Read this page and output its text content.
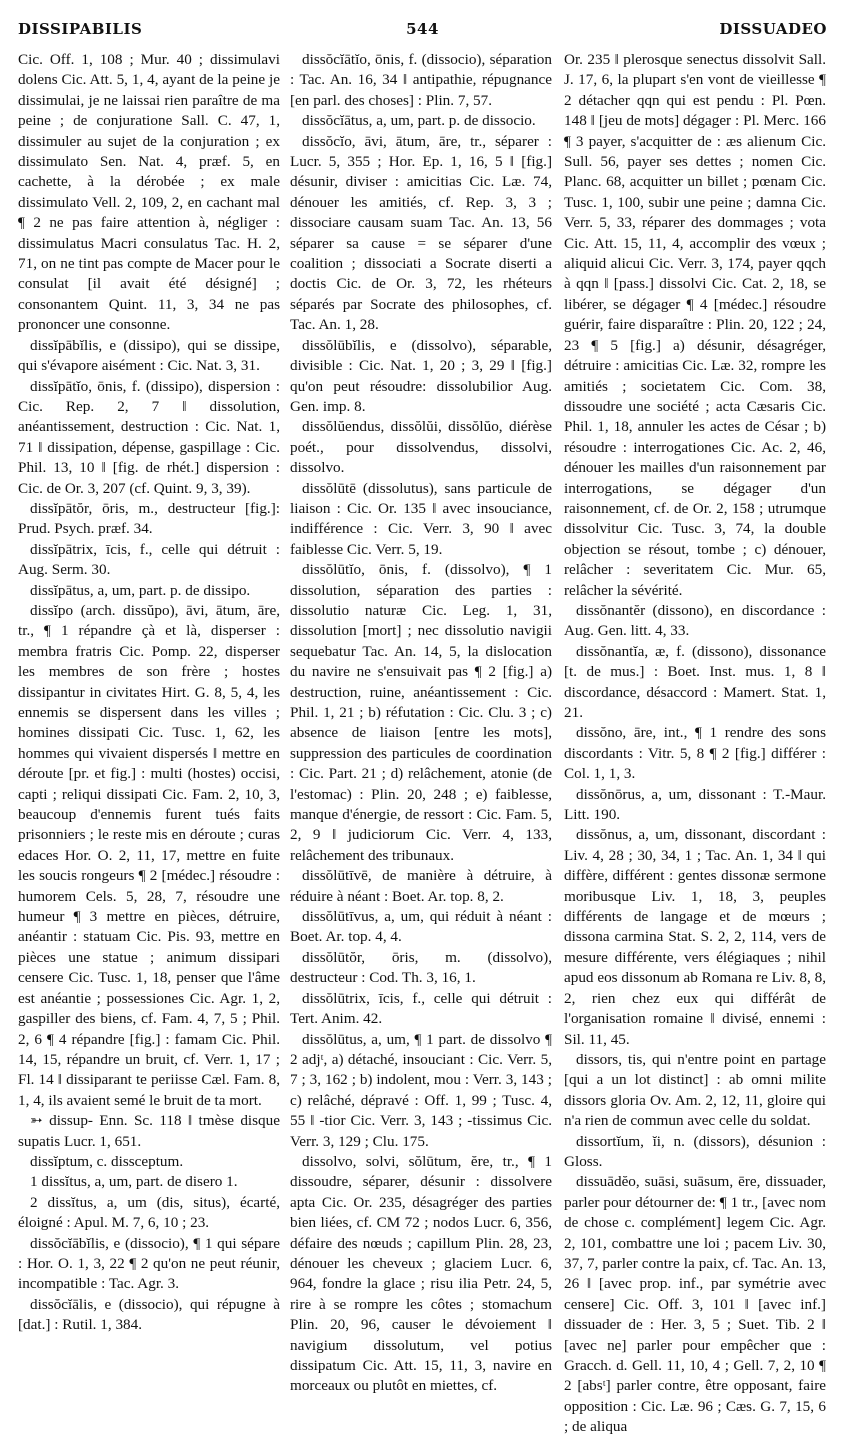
DISSIPABILIS	544	DISSUADEO

Cic. Off. 1, 108 ; Mur. 40 ; dissimulavi dolens Cic. Att. 5, 1, 4, ayant de la peine je dissimulai, je ne laissai rien paraître de ma peine ; de conjuratione Sall. C. 47, 1, dissimuler au sujet de la conjuration ; ex dissimulato Sen. Nat. 4, præf. 5, en cachette, à la dérobée ; ex male dissimulato Vell. 2, 109, 2, en cachant mal ¶ 2 ne pas faire attention à, négliger : dissimulatus Macri consulatus Tac. H. 2, 71, on ne tint pas compte de Macer pour le consulat [il avait été désigné] ; consonantem Quint. 11, 3, 34 ne pas prononcer une consonne.

dissĭpābĭlis, e (dissipo), qui se dissipe, qui s'évapore aisément : Cic. Nat. 3, 31.

dissĭpātĭo, ōnis, f. (dissipo), dispersion : Cic. Rep. 2, 7 ‖ dissolution, anéantissement, destruction : Cic. Nat. 1, 71 ‖ dissipation, dépense, gaspillage : Cic. Phil. 13, 10 ‖ [fig. de rhét.] dispersion : Cic. de Or. 3, 207 (cf. Quint. 9, 3, 39).

dissĭpātŏr, ōris, m., destructeur [fig.]: Prud. Psych. præf. 34.

dissĭpātrix, īcis, f., celle qui détruit : Aug. Serm. 30.

dissĭpātus, a, um, part. p. de dissipo.

dissĭpo (arch. dissŭpo), āvi, ātum, āre, tr., ¶ 1 répandre çà et là, disperser : membra fratris Cic. Pomp. 22, disperser les membres de son frère ; hostes dissipantur in civitates Hirt. G. 8, 5, 4, les ennemis se dispersent dans les villes ; homines dissipati Cic. Tusc. 1, 62, les hommes qui vivaient dispersés ‖ mettre en déroute [pr. et fig.] : multi (hostes) occisi, capti ; reliqui dissipati Cic. Fam. 2, 10, 3, beaucoup d'ennemis furent tués faits prisonniers ; le reste mis en déroute ; curas edaces Hor. O. 2, 11, 17, mettre en fuite les soucis rongeurs ¶ 2 [médec.] résoudre : humorem Cels. 5, 28, 7, résoudre une humeur ¶ 3 mettre en pièces, détruire, anéantir : statuam Cic. Pis. 93, mettre en pièces une statue ; animum dissipari censere Cic. Tusc. 1, 18, penser que l'âme est anéantie ; possessiones Cic. Agr. 1, 2, gaspiller des biens, cf. Fam. 4, 7, 5 ; Phil. 2, 6 ¶ 4 répandre [fig.] : famam Cic. Phil. 14, 15, répandre un bruit, cf. Verr. 1, 17 ; Fl. 14 ‖ dissiparant te periisse Cæl. Fam. 8, 1, 4, ils avaient semé le bruit de ta mort.

➳ dissup- Enn. Sc. 118 ‖ tmèse disque supatis Lucr. 1, 651.

dissĭptum, c. dissceptum.

1 dissĭtus, a, um, part. de disero 1.

2 dissĭtus, a, um (dis, situs), écarté, éloigné : Apul. M. 7, 6, 10 ; 23.

dissŏcĭābĭlis, e (dissocio), ¶ 1 qui sépare : Hor. O. 1, 3, 22 ¶ 2 qu'on ne peut réunir, incompatible : Tac. Agr. 3.

dissŏcĭālis, e (dissocio), qui répugne à [dat.] : Rutil. 1, 384.

dissŏcĭātĭo, ōnis, f. (dissocio), séparation : Tac. An. 16, 34 ‖ antipathie, répugnance [en parl. des choses] : Plin. 7, 57.

dissŏcĭātus, a, um, part. p. de dissocio.

dissŏcĭo, āvi, ātum, āre, tr., séparer : Lucr. 5, 355 ; Hor. Ep. 1, 16, 5 ‖ [fig.] désunir, diviser : amicitias Cic. Læ. 74, dénouer les amitiés, cf. Rep. 3, 3 ; dissociare causam suam Tac. An. 13, 56 séparer sa cause = se séparer d'une coalition ; dissociati a Socrate diserti a doctis Cic. de Or. 3, 72, les rhéteurs séparés par Socrate des philosophes, cf. Tac. An. 1, 28.

dissŏlūbĭlis, e (dissolvo), séparable, divisible : Cic. Nat. 1, 20 ; 3, 29 ‖ [fig.] qu'on peut résoudre: dissolubilior Aug. Gen. imp. 8.

dissŏlŭendus, dissŏlŭi, dissŏlŭo, diérèse poét., pour dissolvendus, dissolvi, dissolvo.

dissŏlūtē (dissolutus), sans particule de liaison : Cic. Or. 135 ‖ avec insouciance, indifférence : Cic. Verr. 3, 90 ‖ avec faiblesse Cic. Verr. 5, 19.

dissŏlūtĭo, ōnis, f. (dissolvo), ¶ 1 dissolution, séparation des parties : dissolutio naturæ Cic. Leg. 1, 31, dissolution [mort] ; nec dissolutio navigii sequebatur Tac. An. 14, 5, la dislocation du navire ne s'ensuivait pas ¶ 2 [fig.] a) destruction, ruine, anéantissement : Cic. Phil. 1, 21 ; b) réfutation : Cic. Clu. 3 ; c) absence de liaison [entre les mots], suppression des particules de coordination : Cic. Part. 21 ; d) relâchement, atonie (de l'estomac) : Plin. 20, 248 ; e) faiblesse, manque d'énergie, de ressort : Cic. Fam. 5, 2, 9 ‖ judiciorum Cic. Verr. 4, 133, relâchement des tribunaux.

dissŏlūtīvē, de manière à détruire, à réduire à néant : Boet. Ar. top. 8, 2.

dissŏlūtīvus, a, um, qui réduit à néant : Boet. Ar. top. 4, 4.

dissŏlūtŏr, ōris, m. (dissolvo), destructeur : Cod. Th. 3, 16, 1.

dissŏlūtrix, īcis, f., celle qui détruit : Tert. Anim. 42.

dissŏlūtus, a, um, ¶ 1 part. de dissolvo ¶ 2 adjᵗ, a) détaché, insouciant : Cic. Verr. 5, 7 ; 3, 162 ; b) indolent, mou : Verr. 3, 143 ; c) relâché, dépravé : Off. 1, 99 ; Tusc. 4, 55 ‖ -tior Cic. Verr. 3, 143 ; -tissimus Cic. Verr. 3, 129 ; Clu. 175.

dissolvo, solvi, sŏlūtum, ĕre, tr., ¶ 1 dissoudre, séparer, désunir : dissolvere apta Cic. Or. 235, désagréger des parties bien liées, cf. CM 72 ; nodos Lucr. 6, 356, défaire des nœuds ; capillum Plin. 28, 23, dénouer les cheveux ; glaciem Lucr. 6, 964, fondre la glace ; risu ilia Petr. 24, 5, rire à se rompre les côtes ; stomachum Plin. 20, 96, causer le dévoiement ‖ navigium dissolutum, vel potius dissipatum Cic. Att. 15, 11, 3, navire en morceaux ou plutôt en miettes, cf.

Or. 235 ‖ plerosque senectus dissolvit Sall. J. 17, 6, la plupart s'en vont de vieillesse ¶ 2 détacher qqn qui est pendu : Pl. Pœn. 148 ‖ [jeu de mots] dégager : Pl. Merc. 166 ¶ 3 payer, s'acquitter de : æs alienum Cic. Sull. 56, payer ses dettes ; nomen Cic. Planc. 68, acquitter un billet ; pœnam Cic. Tusc. 1, 100, subir une peine ; damna Cic. Verr. 5, 33, réparer des dommages ; vota Cic. Att. 15, 11, 4, accomplir des vœux ; aliquid alicui Cic. Verr. 3, 174, payer qqch à qqn ‖ [pass.] dissolvi Cic. Cat. 2, 18, se libérer, se dégager ¶ 4 [médec.] résoudre guérir, faire disparaître : Plin. 20, 122 ; 24, 23 ¶ 5 [fig.] a) désunir, désagréger, détruire : amicitias Cic. Læ. 32, rompre les amitiés ; societatem Cic. Com. 38, dissoudre une société ; acta Cæsaris Cic. Phil. 1, 18, annuler les actes de César ; b) résoudre : interrogationes Cic. Ac. 2, 46, dénouer les mailles d'un raisonnement par interrogations, se dégager d'un raisonnement, cf. de Or. 2, 158 ; utrumque dissolvitur Cic. Tusc. 3, 74, la double objection se résout, tombe ; c) dénouer, relâcher : severitatem Cic. Mur. 65, relâcher la sévérité.

dissŏnantĕr (dissono), en discordance : Aug. Gen. litt. 4, 33.

dissŏnantĭa, æ, f. (dissono), dissonance [t. de mus.] : Boet. Inst. mus. 1, 8 ‖ discordance, désaccord : Mamert. Stat. 1, 21.

dissŏno, āre, int., ¶ 1 rendre des sons discordants : Vitr. 5, 8 ¶ 2 [fig.] différer : Col. 1, 1, 3.

dissŏnōrus, a, um, dissonant : T.-Maur. Litt. 190.

dissŏnus, a, um, dissonant, discordant : Liv. 4, 28 ; 30, 34, 1 ; Tac. An. 1, 34 ‖ qui diffère, différent : gentes dissonæ sermone moribusque Liv. 1, 18, 3, peuples différents de langage et de mœurs ; dissona carmina Stat. S. 2, 2, 114, vers de mesure différente, vers élégiaques ; nihil apud eos dissonum ab Romana re Liv. 8, 8, 2, rien chez eux qui différât de l'organisation romaine ‖ divisé, ennemi : Sil. 11, 45.

dissors, tis, qui n'entre point en partage [qui a un lot distinct] : ab omni milite dissors gloria Ov. Am. 2, 12, 11, gloire qui n'a rien de commun avec celle du soldat.

dissortĭum, ĭi, n. (dissors), désunion : Gloss.

dissuādĕo, suāsi, suāsum, ēre, dissuader, parler pour détourner de: ¶ 1 tr., [avec nom de chose c. complément] legem Cic. Agr. 2, 101, combattre une loi ; pacem Liv. 30, 37, 7, parler contre la paix, cf. Tac. An. 13, 26 ‖ [avec prop. inf., par symétrie avec censere] Cic. Off. 3, 101 ‖ [avec inf.] dissuader de : Her. 3, 5 ; Suet. Tib. 2 ‖ [avec ne] parler pour empêcher que : Gracch. d. Gell. 11, 10, 4 ; Gell. 7, 2, 10 ¶ 2 [absᵗ] parler contre, être opposant, faire opposition : Cic. Læ. 96 ; Cæs. G. 7, 15, 6 ; de aliqua
